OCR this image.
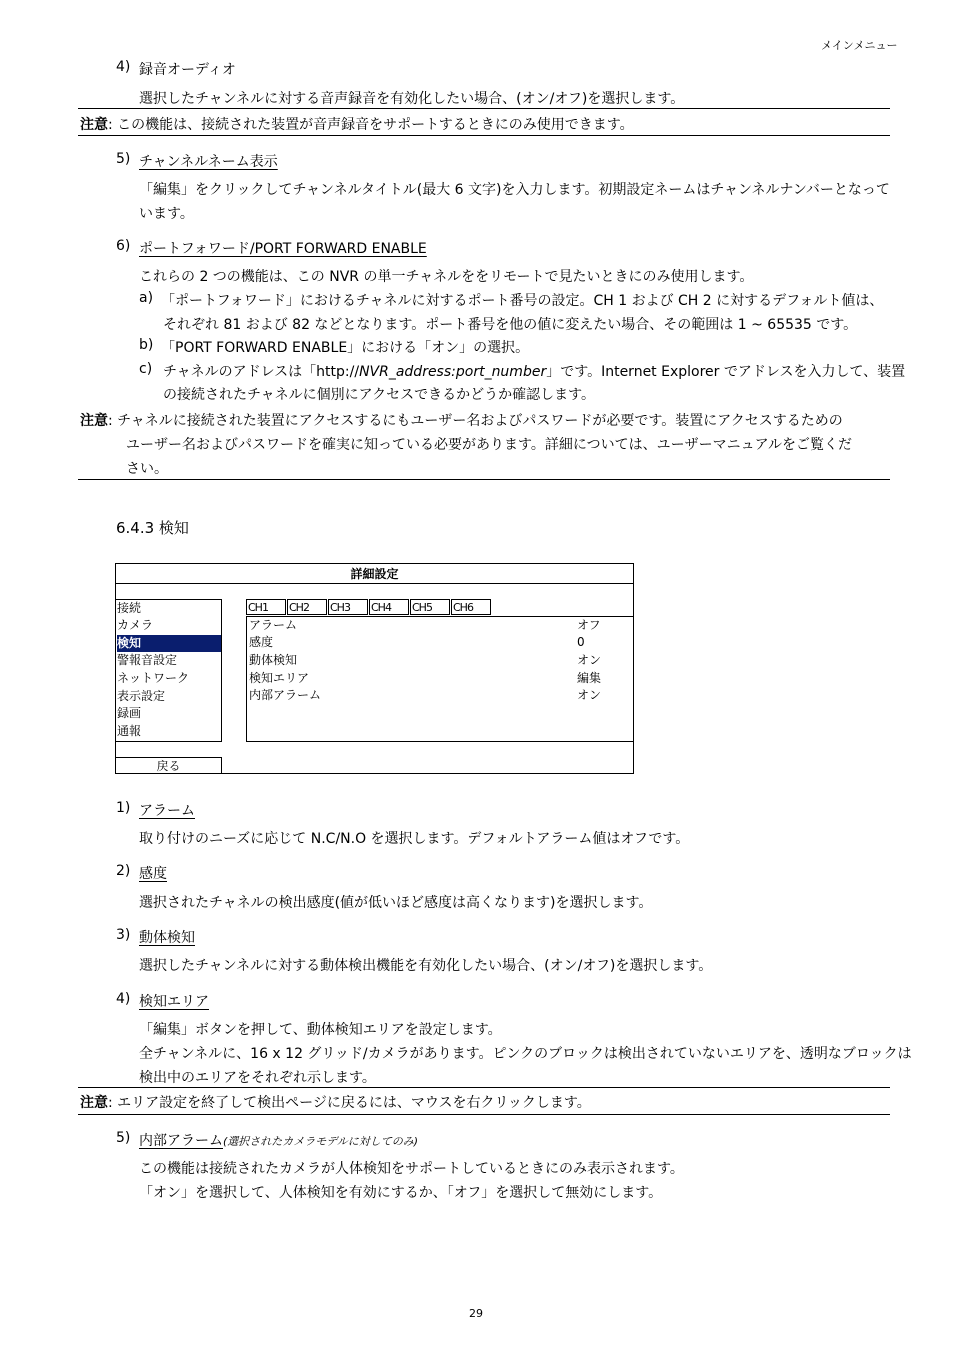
メインメニュー
4) 録音オーディオ
選択したチャンネルに対する音声録音を有効化したい場合、(オン/オフ)を選択します。
注意: この機能は、接続された装置が音声録音をサポートするときにのみ使用できます。
5) チャンネルネーム表示
「編集」をクリックしてチャンネルタイトル(最大 6 文字)を入力します。初期設定ネームはチャンネルナンバーとなって
います。
6) ポートフォワード/PORT FORWARD ENABLE
これらの 2 つの機能は、この NVR の単一チャネルををリモートで見たいときにのみ使用します。
a) 「ポートフォワード」におけるチャネルに対するポート番号の設定。CH 1 および CH 2 に対するデフォルト値は、
それぞれ 81 および 82 などとなります。ポート番号を他の値に変えたい場合、その範囲は 1 ~ 65535 です。
b) 「PORT FORWARD ENABLE」における「オン」の選択。
c) チャネルのアドレスは「http://NVR_address:port_number」です。Internet Explorer でアドレスを入力して、装置
の接続されたチャネルに個別にアクセスできるかどうか確認します。
注意: チャネルに接続された装置にアクセスするにもユーザー名およびパスワードが必要です。装置にアクセスするための
ユーザー名およびパスワードを確実に知っている必要があります。詳細については、ユーザーマニュアルをご覧くだ
さい。
6.4.3 検知
詳細設定
接続
カメラ
検知
警報音設定
ネットワーク
表示設定
録画
通報
戻る
CH1	CH2	CH3	CH4	CH5	CH6
アラーム	オフ
感度	0
動体検知	オン
検知エリア	編集
内部アラーム	オン
1) アラーム
取り付けのニーズに応じて N.C/N.O を選択します。デフォルトアラーム値はオフです。
2) 感度
選択されたチャネルの検出感度(値が低いほど感度は高くなります)を選択します。
3) 動体検知
選択したチャンネルに対する動体検出機能を有効化したい場合、(オン/オフ)を選択します。
4) 検知エリア
「編集」ボタンを押して、動体検知エリアを設定します。
全チャンネルに、16 x 12 グリッド/カメラがあります。ピンクのブロックは検出されていないエリアを、透明なブロックは
検出中のエリアをそれぞれ示します。
注意: エリア設定を終了して検出ページに戻るには、マウスを右クリックします。
5) 内部アラーム(選択されたカメラモデルに対してのみ)
この機能は接続されたカメラが人体検知をサポートしているときにのみ表示されます。
「オン」を選択して、人体検知を有効にするか、「オフ」を選択して無効にします。
29
